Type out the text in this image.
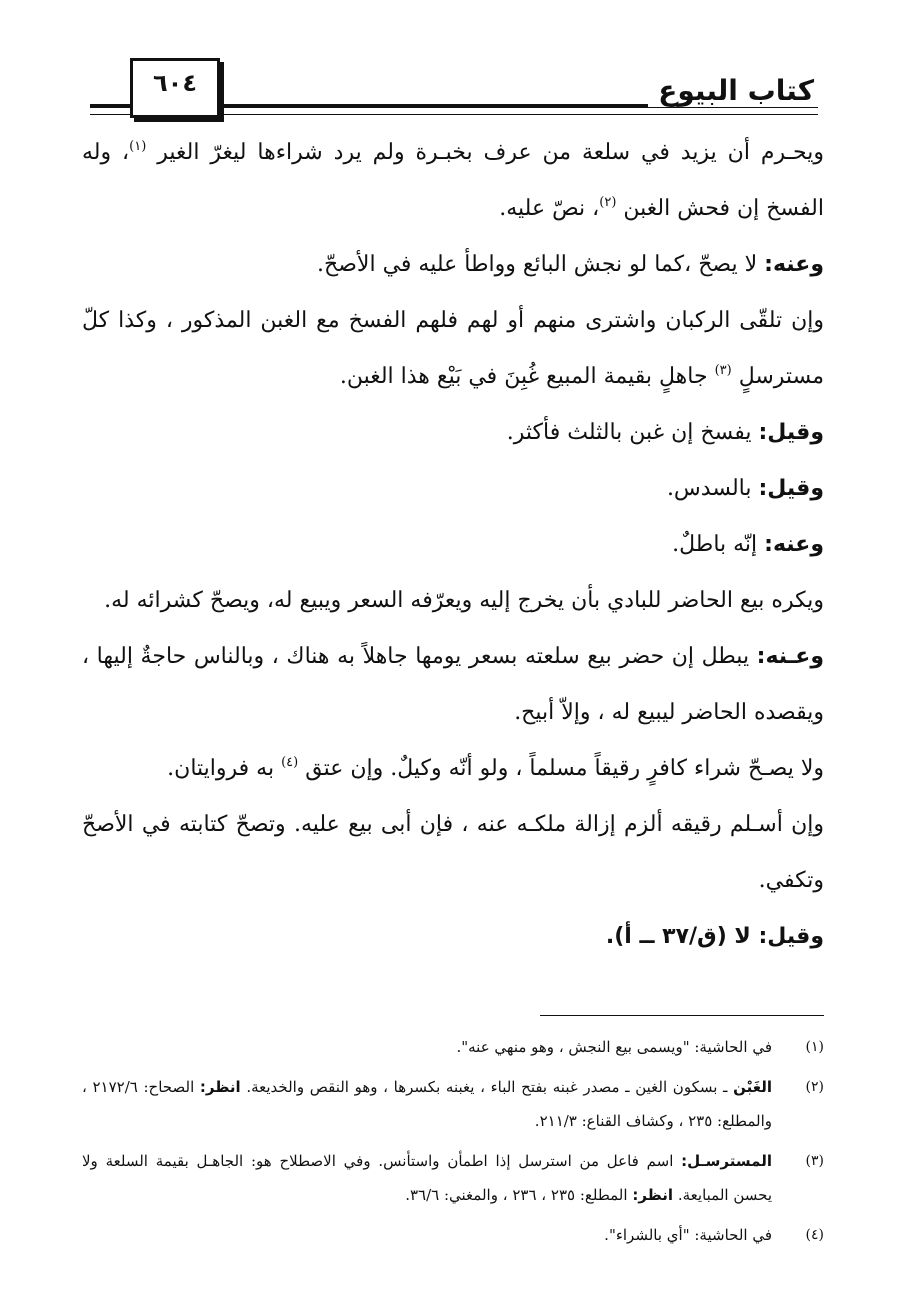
٦٠٤	كتاب البيوع

ويحـرم أن يزيد في سلعة من عرف بخبـرة ولم يرد شراءها ليغرّ الغير $^{(١)}$، وله الفسخ إن فحش الغبن $^{(٢)}$، نصّ عليه.

وعنه: لا يصحّ ،كما لو نجش البائع وواطأ عليه في الأصحّ.

وإن تلقّى الركبان واشترى منهم أو لهم فلهم الفسخ مع الغبن المذكور ، وكذا كلّ مسترسلٍ $^{(٣)}$ جاهلٍ بقيمة المبيع غُبِنَ في بَيْع هذا الغبن.

وقيل: يفسخ إن غبن بالثلث فأكثر.

وقيل: بالسدس.

وعنه: إنّه باطلٌ.

ويكره بيع الحاضر للبادي بأن يخرج إليه ويعرّفه السعر ويبيع له، ويصحّ كشرائه له.

وعـنه: يبطل إن حضر بيع سلعته بسعر يومها جاهلاً به هناك ، وبالناس حاجةٌ إليها ، ويقصده الحاضر ليبيع له ، وإلاّ أبيح.

ولا يصـحّ شراء كافرٍ رقيقاً مسلماً ، ولو أنّه وكيلٌ. وإن عتق $^{(٤)}$ به فروايتان.

وإن أسـلم رقيقه ألزم إزالة ملكـه عنه ، فإن أبى بيع عليه. وتصحّ كتابته في الأصحّ وتكفي.

وقيل: لا (ق/٣٧ ــ أ).

(١)
في الحاشية: "ويسمى بيع النجش ، وهو منهي عنه".
(٢)
الغَبْن ـ بسكون الغين ـ مصدر غبنه بفتح الباء ، يغبنه بكسرها ، وهو النقص والخديعة. انظر: الصحاح: ٢١٧٢/٦ ، والمطلع: ٢٣٥ ، وكشاف القناع: ٢١١/٣.
(٣)
المسترسـل: اسم فاعل من استرسل إذا اطمأن واستأنس. وفي الاصطلاح هو: الجاهـل بقيمة السلعة ولا يحسن المبايعة. انظر: المطلع: ٢٣٥ ، ٢٣٦ ، والمغني: ٣٦/٦.
(٤)
في الحاشية: "أي بالشراء".
